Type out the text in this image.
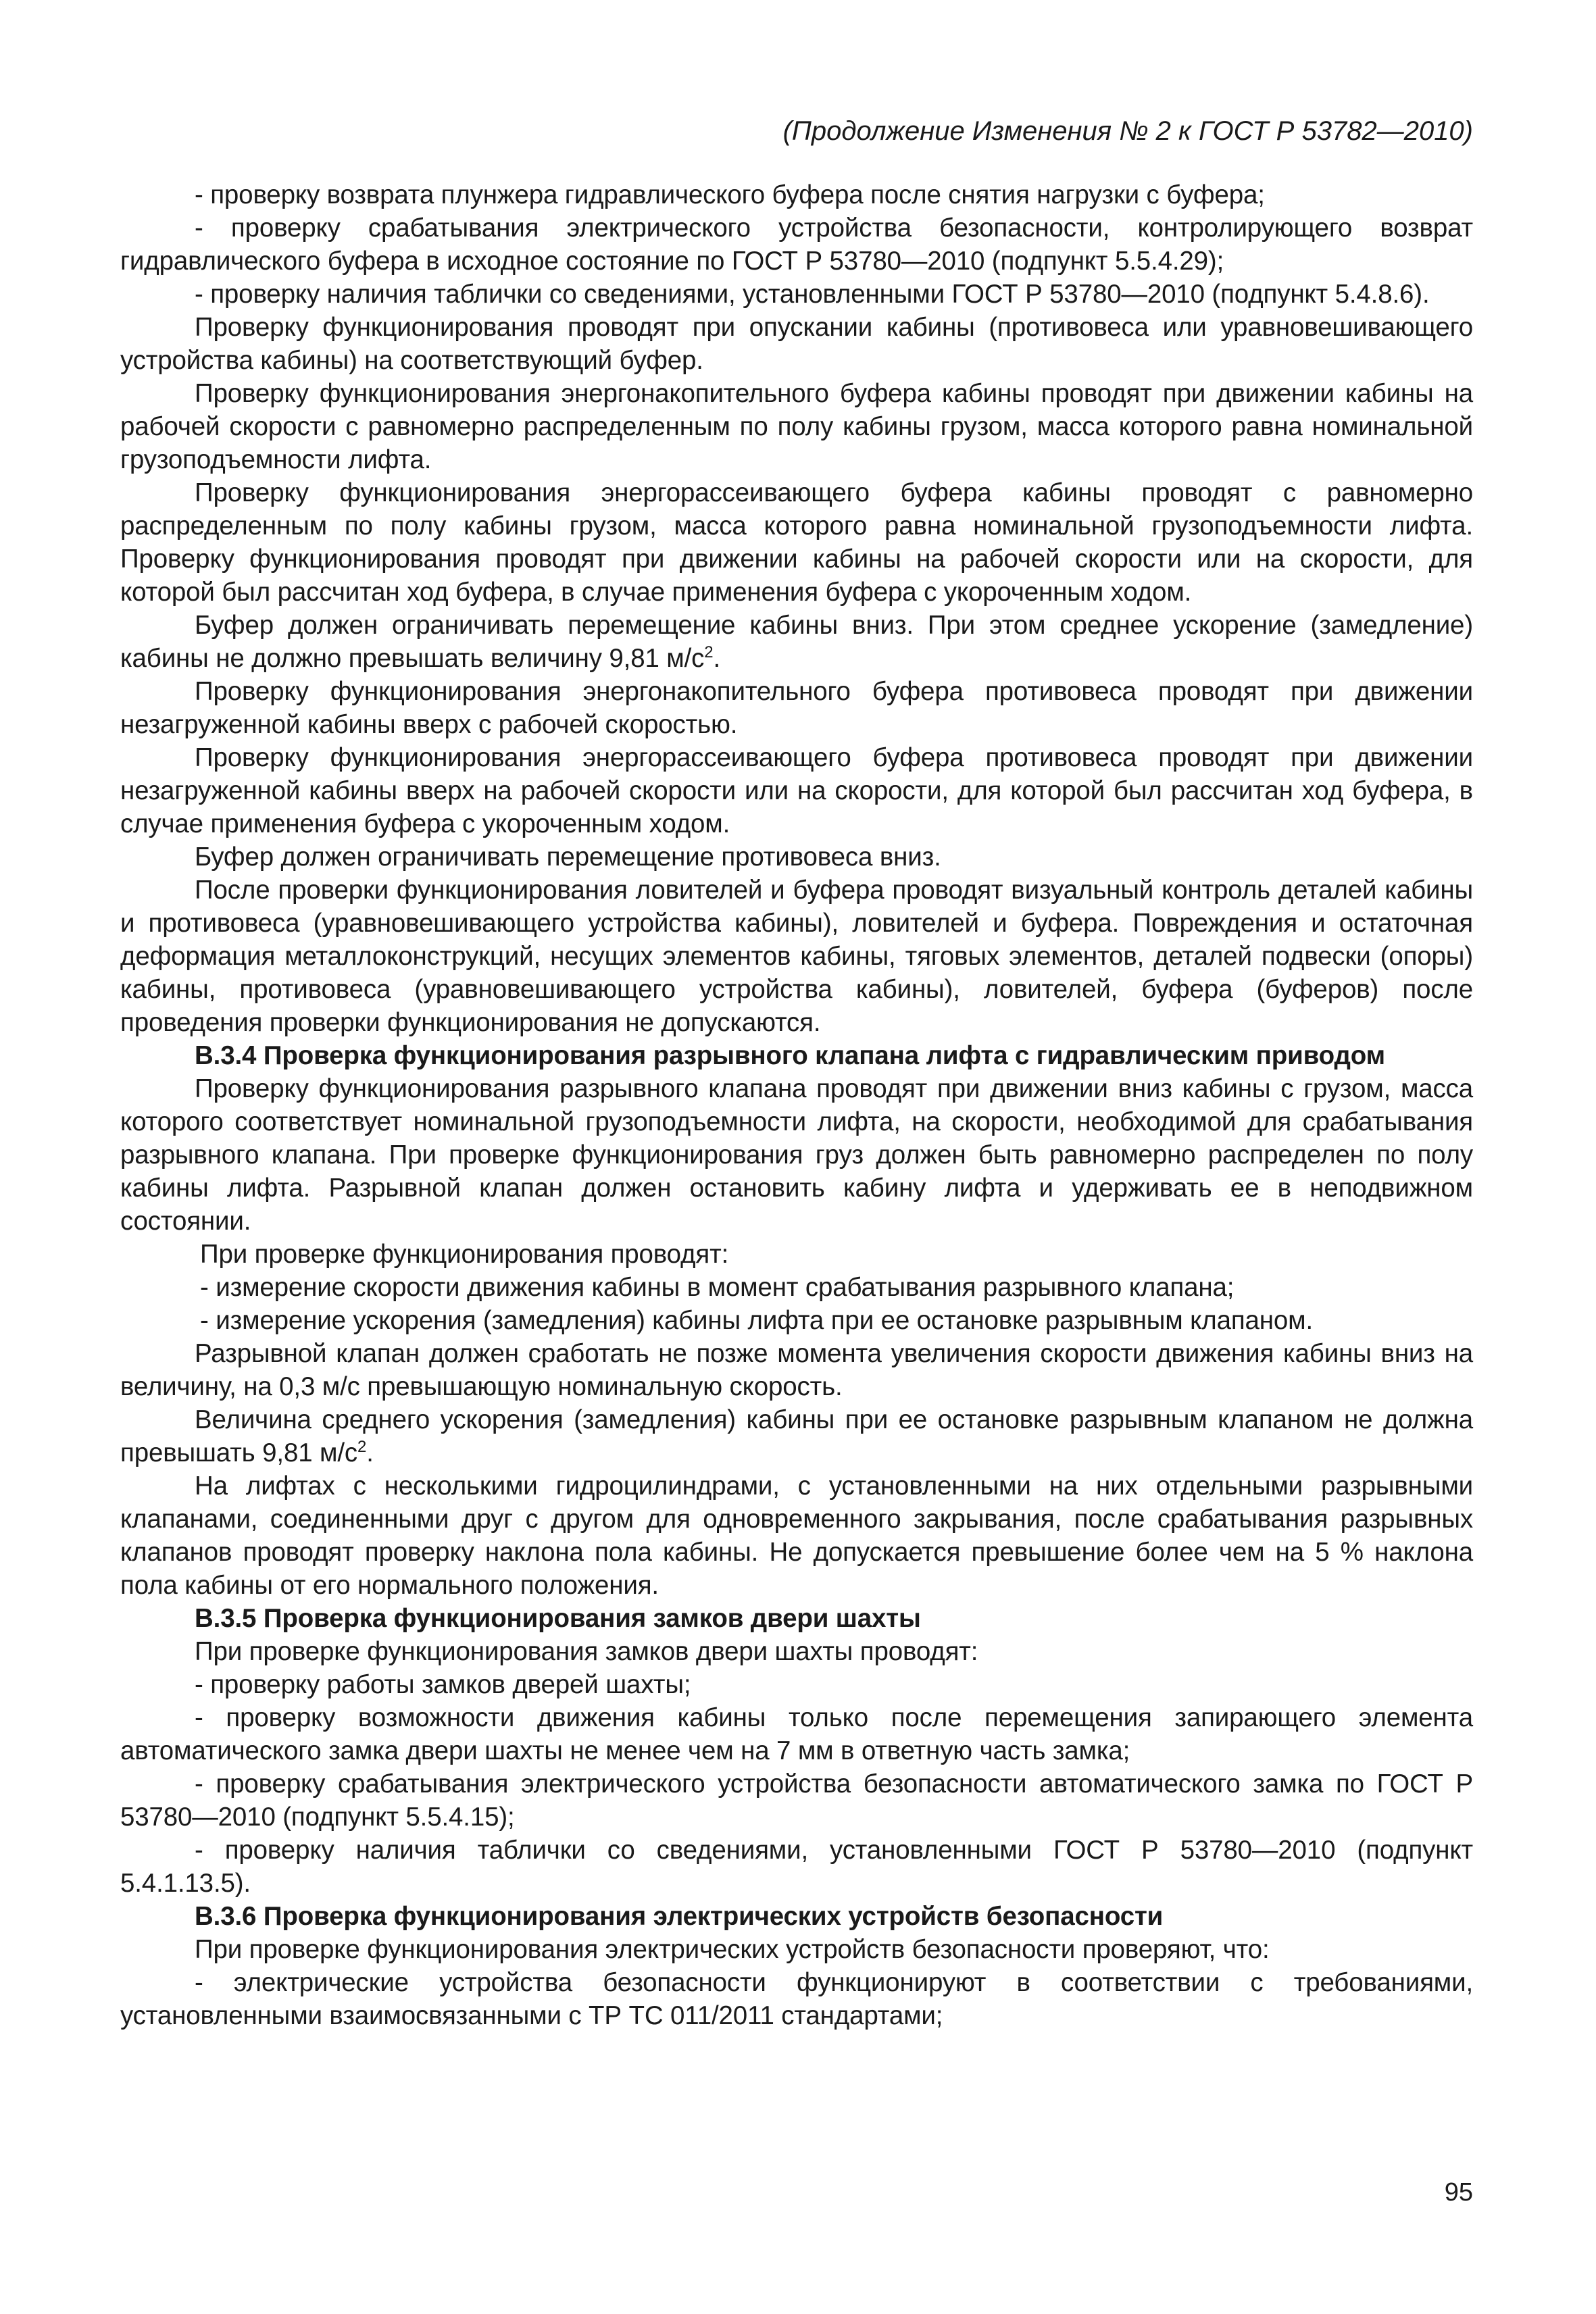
(Продолжение Изменения № 2 к ГОСТ Р 53782—2010)

- проверку возврата плунжера гидравлического буфера после снятия нагрузки с буфера;

- проверку срабатывания электрического устройства безопасности, контролирующего возврат гидравлического буфера в исходное состояние по ГОСТ Р 53780—2010 (подпункт 5.5.4.29);

- проверку наличия таблички со сведениями, установленными ГОСТ Р 53780—2010 (подпункт 5.4.8.6).

Проверку функционирования проводят при опускании кабины (противовеса или уравновешивающего устройства кабины) на соответствующий буфер.

Проверку функционирования энергонакопительного буфера кабины проводят при движении кабины на рабочей скорости с равномерно распределенным по полу кабины грузом, масса которого равна номинальной грузоподъемности лифта.

Проверку функционирования энергорассеивающего буфера кабины проводят с равномерно распределенным по полу кабины грузом, масса которого равна номинальной грузоподъемности лифта. Проверку функционирования проводят при движении кабины на рабочей скорости или на скорости, для которой был рассчитан ход буфера, в случае применения буфера с укороченным ходом.

Буфер должен ограничивать перемещение кабины вниз. При этом среднее ускорение (замедление) кабины не должно превышать величину 9,81 $м/с^2$.

Проверку функционирования энергонакопительного буфера противовеса проводят при движении незагруженной кабины вверх с рабочей скоростью.

Проверку функционирования энергорассеивающего буфера противовеса проводят при движении незагруженной кабины вверх на рабочей скорости или на скорости, для которой был рассчитан ход буфера, в случае применения буфера с укороченным ходом.

Буфер должен ограничивать перемещение противовеса вниз.

После проверки функционирования ловителей и буфера проводят визуальный контроль деталей кабины и противовеса (уравновешивающего устройства кабины), ловителей и буфера. Повреждения и остаточная деформация металлоконструкций, несущих элементов кабины, тяговых элементов, деталей подвески (опоры) кабины, противовеса (уравновешивающего устройства кабины), ловителей, буфера (буферов) после проведения проверки функционирования не допускаются.

В.3.4 Проверка функционирования разрывного клапана лифта с гидравлическим приводом

Проверку функционирования разрывного клапана проводят при движении вниз кабины с грузом, масса которого соответствует номинальной грузоподъемности лифта, на скорости, необходимой для срабатывания разрывного клапана. При проверке функционирования груз должен быть равномерно распределен по полу кабины лифта. Разрывной клапан должен остановить кабину лифта и удерживать ее в неподвижном состоянии.

При проверке функционирования проводят:

- измерение скорости движения кабины в момент срабатывания разрывного клапана;

- измерение ускорения (замедления) кабины лифта при ее остановке разрывным клапаном.

Разрывной клапан должен сработать не позже момента увеличения скорости движения кабины вниз на величину, на 0,3 м/с превышающую номинальную скорость.

Величина среднего ускорения (замедления) кабины при ее остановке разрывным клапаном не должна превышать 9,81 $м/с^2$.

На лифтах с несколькими гидроцилиндрами, с установленными на них отдельными разрывными клапанами, соединенными друг с другом для одновременного закрывания, после срабатывания разрывных клапанов проводят проверку наклона пола кабины. Не допускается превышение более чем на 5 % наклона пола кабины от его нормального положения.

В.3.5 Проверка функционирования замков двери шахты

При проверке функционирования замков двери шахты проводят:

- проверку работы замков дверей шахты;

- проверку возможности движения кабины только после перемещения запирающего элемента автоматического замка двери шахты не менее чем на 7 мм в ответную часть замка;

- проверку срабатывания электрического устройства безопасности автоматического замка по ГОСТ Р 53780—2010 (подпункт 5.5.4.15);

- проверку наличия таблички со сведениями, установленными ГОСТ Р 53780—2010 (подпункт 5.4.1.13.5).

В.3.6 Проверка функционирования электрических устройств безопасности

При проверке функционирования электрических устройств безопасности проверяют, что:

- электрические устройства безопасности функционируют в соответствии с требованиями, установленными взаимосвязанными с ТР ТС 011/2011 стандартами;

95
